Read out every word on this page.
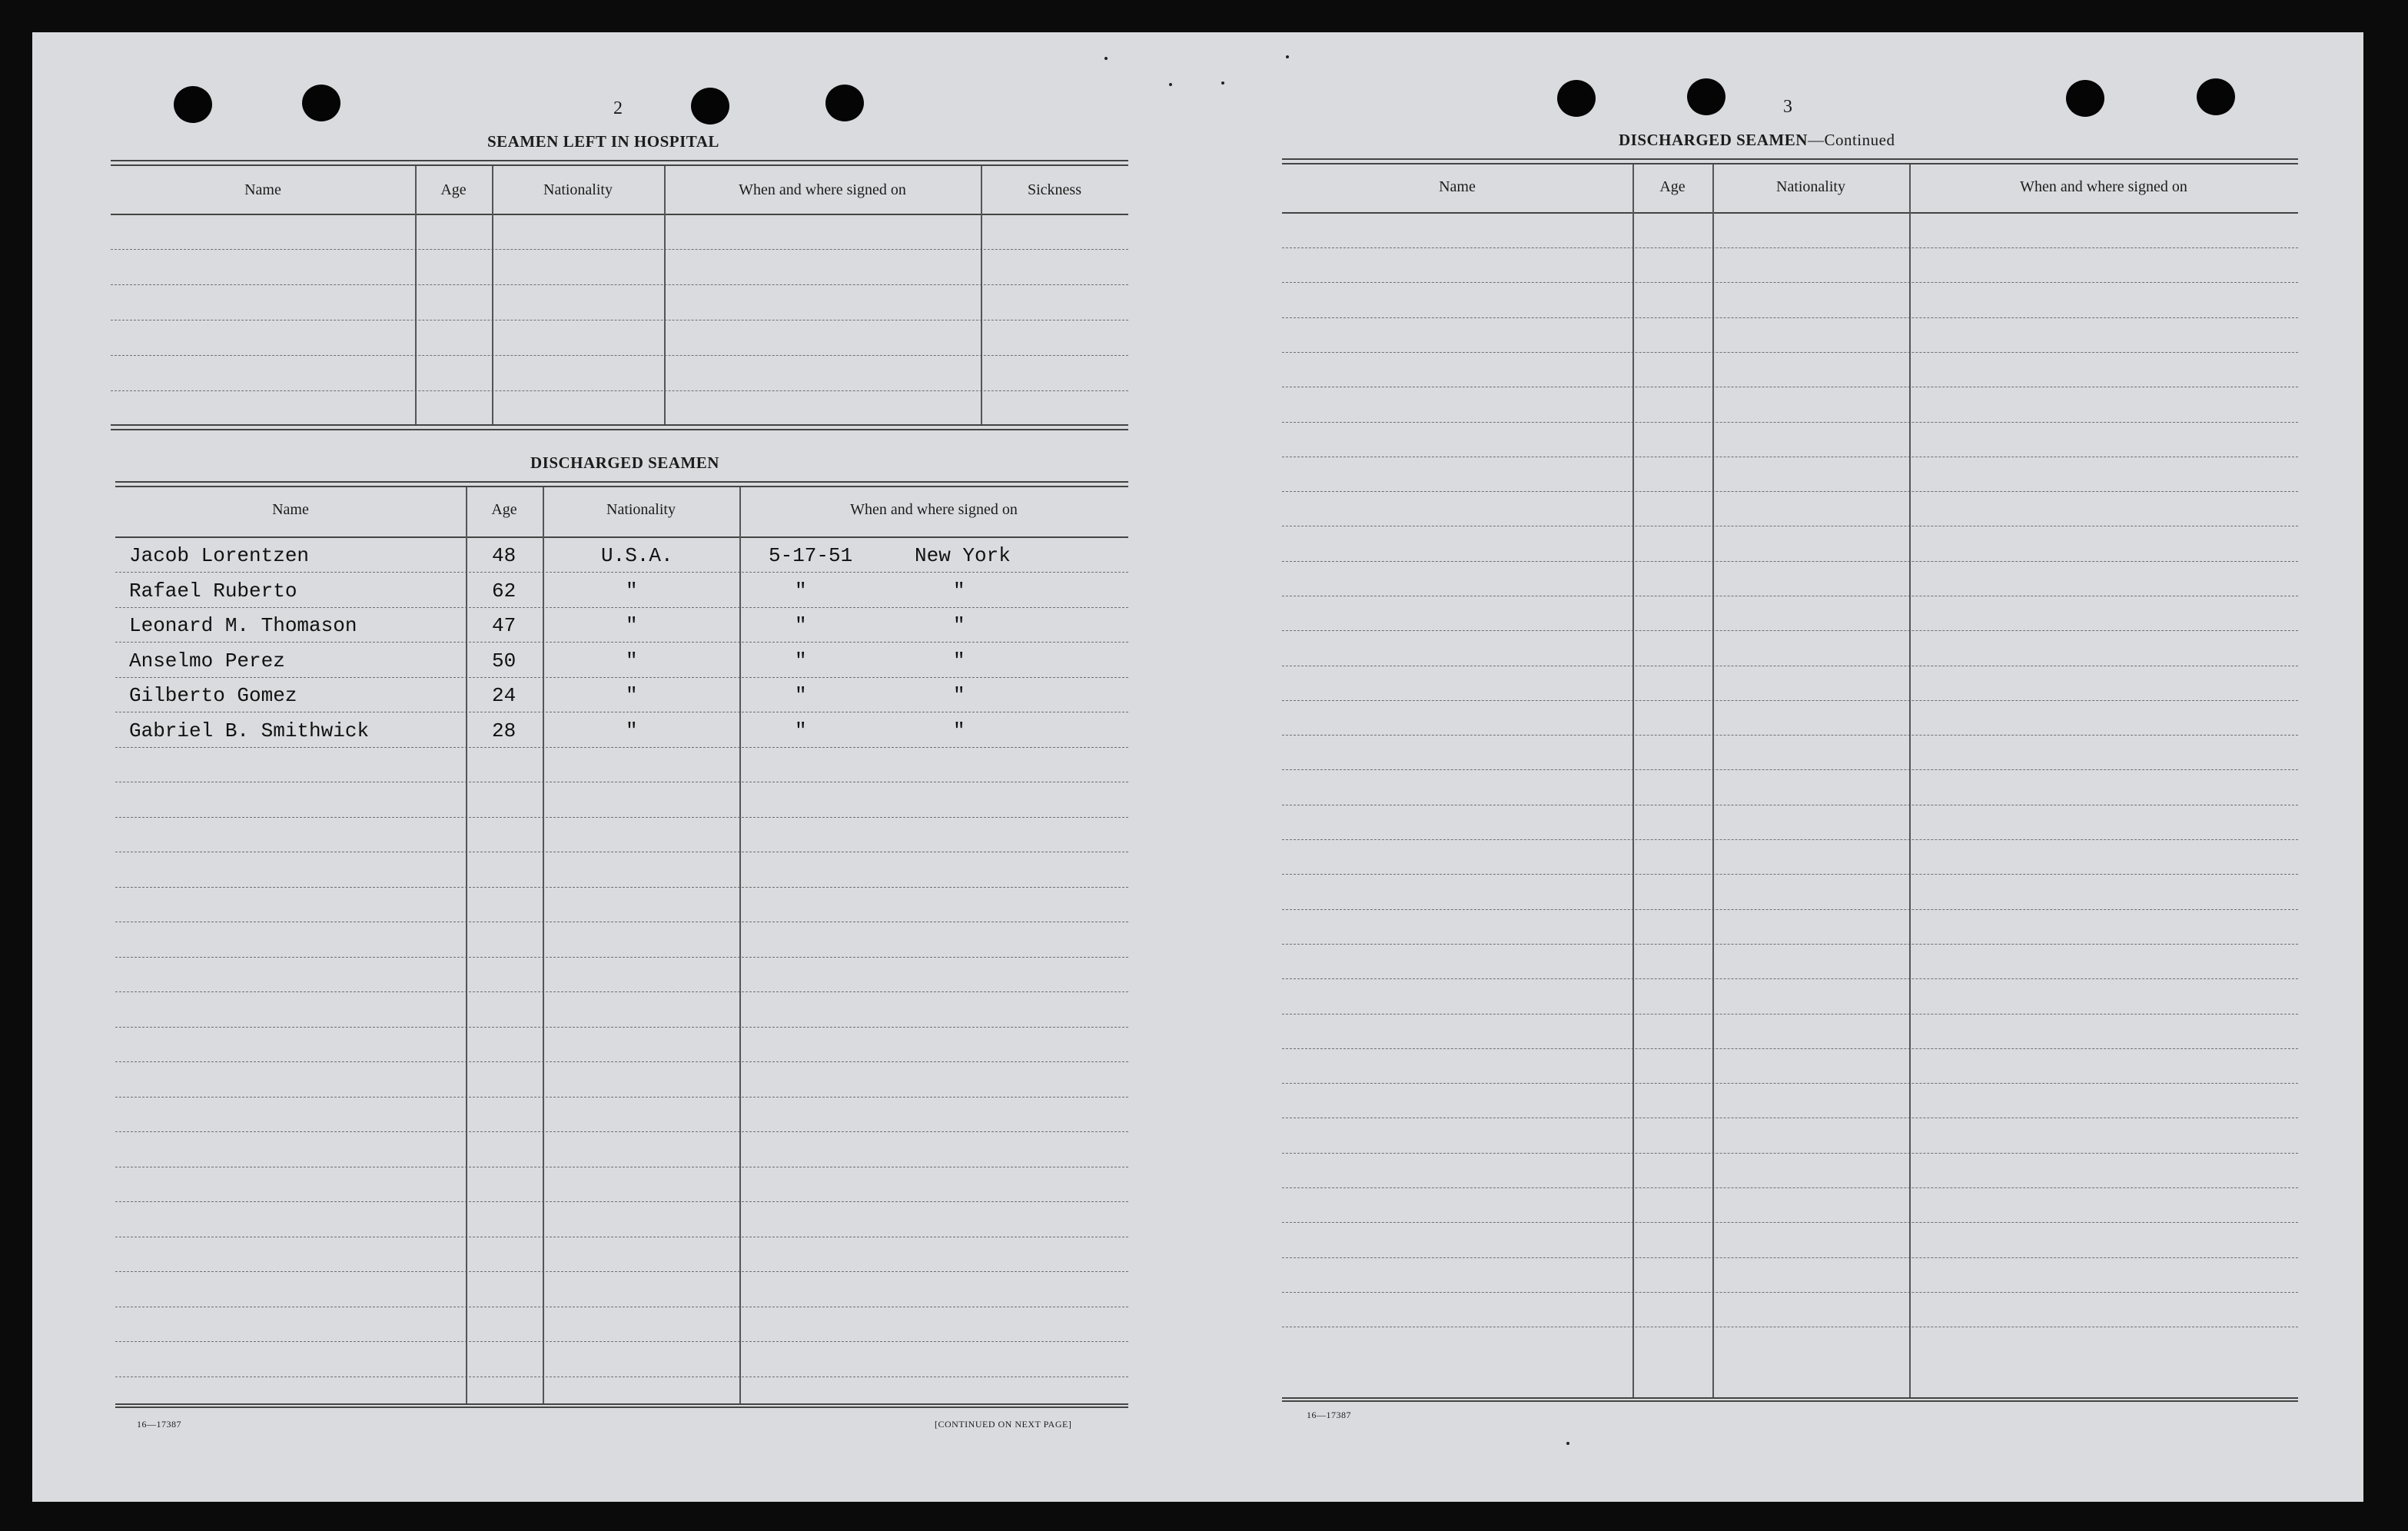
2
SEAMEN LEFT IN HOSPITAL
DISCHARGED SEAMEN
16—17387	[CONTINUED ON NEXT PAGE]
3
DISCHARGED SEAMEN—Continued
16—17387
Name	Age	Nationality	When and where signed on	Sickness
Name	Age	Nationality	When and where signed on
Name	Age	Nationality	When and where signed on
Jacob Lorentzen	48	U.S.A.	5-17-51	New York
Rafael Ruberto	62	"	"	"
Leonard M. Thomason	47	"	"	"
Anselmo Perez	50	"	"	"
Gilberto Gomez	24	"	"	"
Gabriel B. Smithwick	28	"	"	"
